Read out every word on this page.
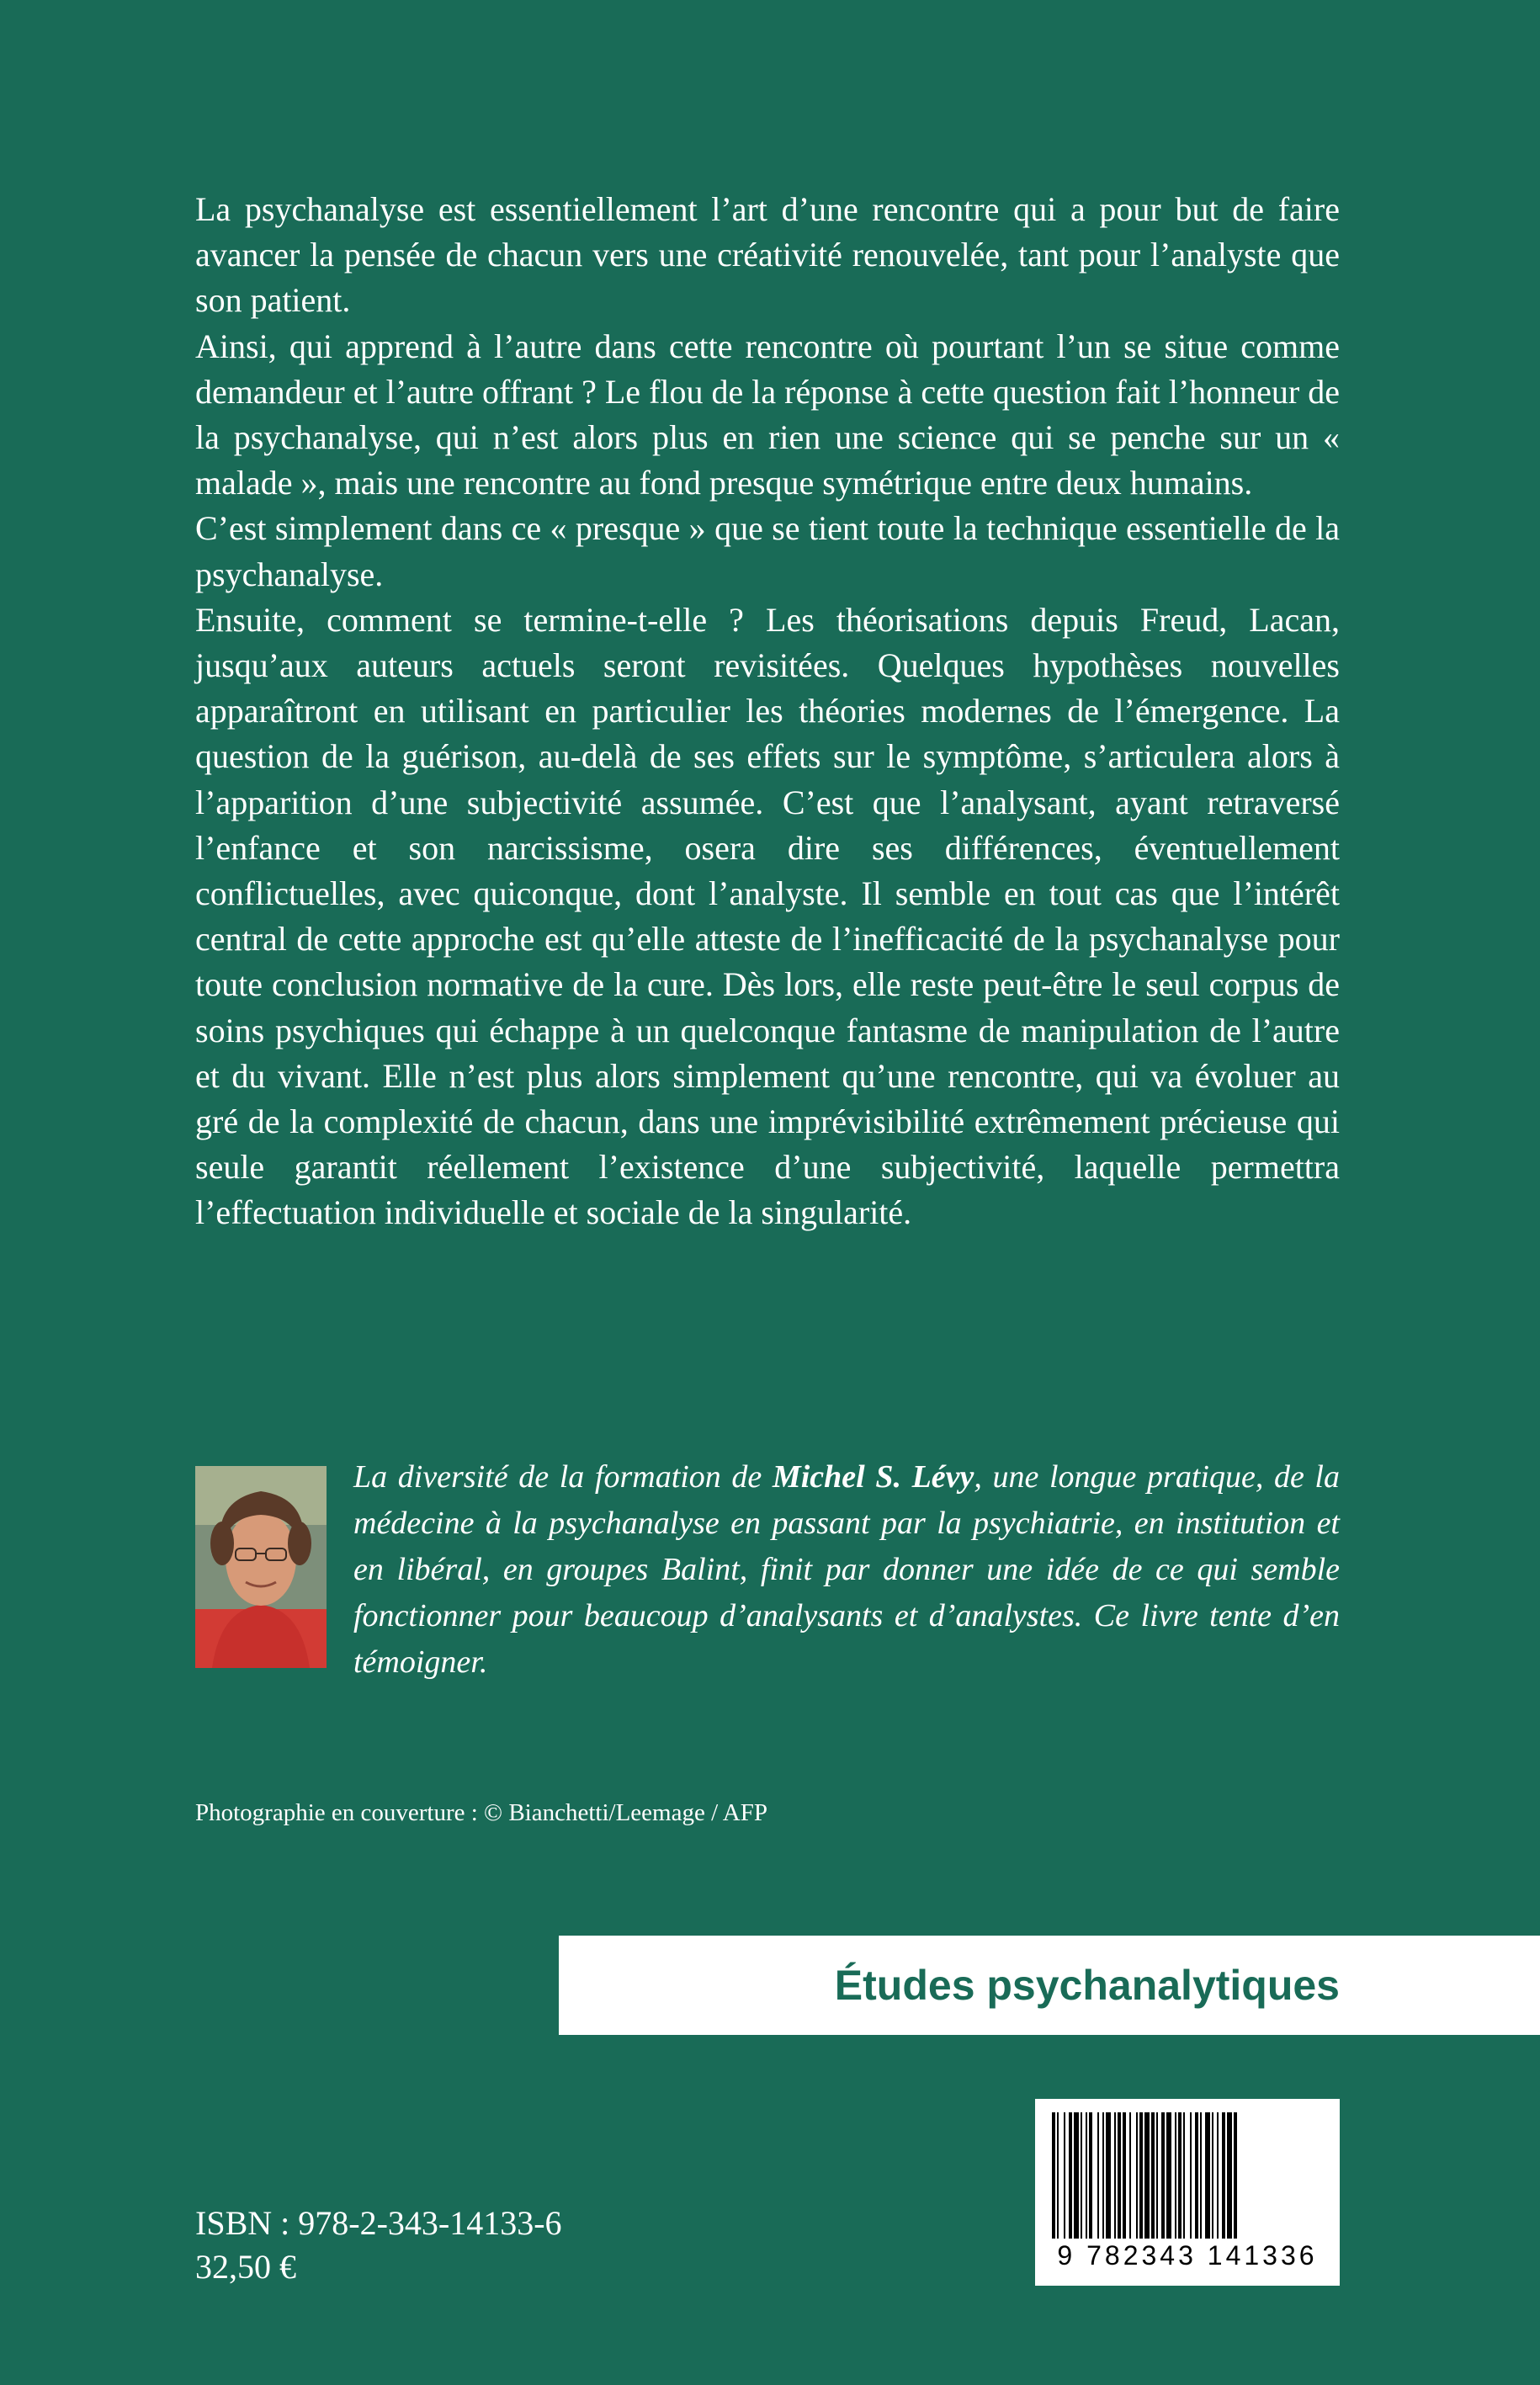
La psychanalyse est essentiellement l’art d’une rencontre qui a pour but de faire avancer la pensée de chacun vers une créativité renouvelée, tant pour l’analyste que son patient.

Ainsi, qui apprend à l’autre dans cette rencontre où pourtant l’un se situe comme demandeur et l’autre offrant ? Le flou de la réponse à cette question fait l’honneur de la psychanalyse, qui n’est alors plus en rien une science qui se penche sur un « malade », mais une rencontre au fond presque symétrique entre deux humains.

C’est simplement dans ce « presque » que se tient toute la technique essentielle de la psychanalyse.

Ensuite, comment se termine-t-elle ? Les théorisations depuis Freud, Lacan, jusqu’aux auteurs actuels seront revisitées. Quelques hypothèses nouvelles apparaîtront en utilisant en particulier les théories modernes de l’émergence. La question de la guérison, au-delà de ses effets sur le symptôme, s’articulera alors à l’apparition d’une subjectivité assumée. C’est que l’analysant, ayant retraversé l’enfance et son narcissisme, osera dire ses différences, éventuellement conflictuelles, avec quiconque, dont l’analyste. Il semble en tout cas que l’intérêt central de cette approche est qu’elle atteste de l’inefficacité de la psychanalyse pour toute conclusion normative de la cure. Dès lors, elle reste peut-être le seul corpus de soins psychiques qui échappe à un quelconque fantasme de manipulation de l’autre et du vivant. Elle n’est plus alors simplement qu’une rencontre, qui va évoluer au gré de la complexité de chacun, dans une imprévisibilité extrêmement précieuse qui seule garantit réellement l’existence d’une subjectivité, laquelle permettra l’effectuation individuelle et sociale de la singularité.

La diversité de la formation de Michel S. Lévy, une longue pratique, de la médecine à la psychanalyse en passant par la psychiatrie, en institution et en libéral, en groupes Balint, finit par donner une idée de ce qui semble fonctionner pour beaucoup d’analysants et d’analystes. Ce livre tente d’en témoigner.
Photographie en couverture : © Bianchetti/Leemage / AFP
Études psychanalytiques
9 782343 141336
ISBN : 978-2-343-14133-6
32,50 €
